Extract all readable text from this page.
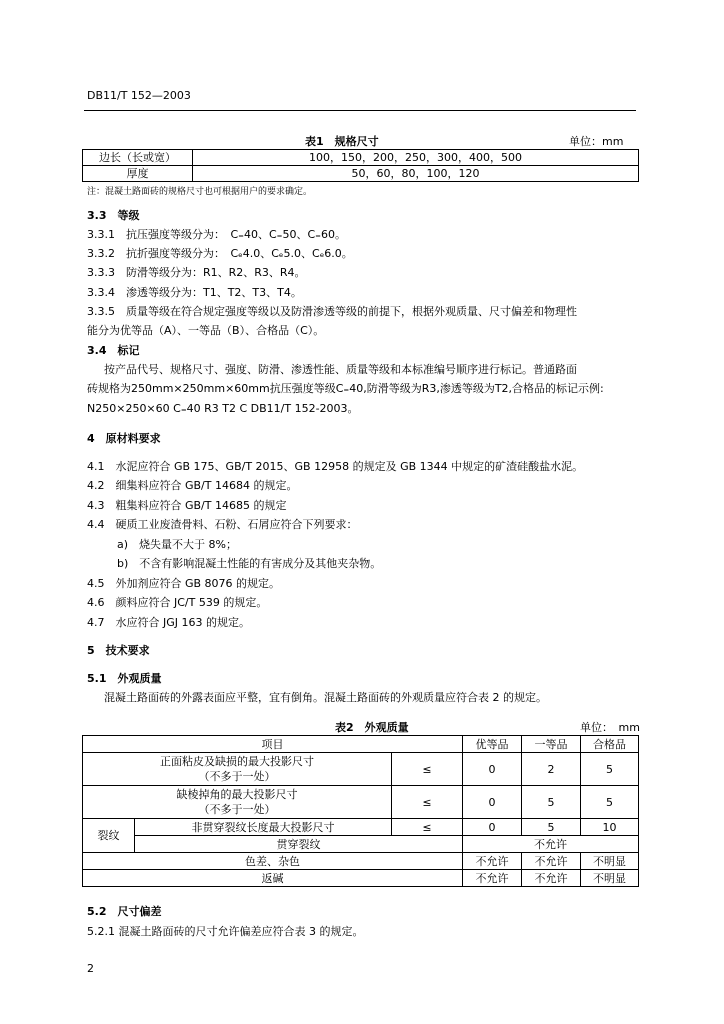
DB11/T 152—2003
表1　规格尺寸	单位：mm
边长（长或宽）	100，150，200，250，300，400，500
厚度	50，60，80，100，120
注：混凝土路面砖的规格尺寸也可根据用户的要求确定。
3.3　等级
3.3.1　抗压强度等级分为：　C₌40、C₌50、C₌60。
3.3.2　抗折强度等级分为：　Cₑ4.0、Cₑ5.0、Cₑ6.0。
3.3.3　防滑等级分为：R1、R2、R3、R4。
3.3.4　渗透等级分为：T1、T2、T3、T4。
3.3.5　质量等级在符合规定强度等级以及防滑渗透等级的前提下，根据外观质量、尺寸偏差和物理性
能分为优等品（A）、一等品（B）、合格品（C）。
3.4　标记
按产品代号、规格尺寸、强度、防滑、渗透性能、质量等级和本标准编号顺序进行标记。普通路面
砖规格为250mm×250mm×60mm抗压强度等级C₌40,防滑等级为R3,渗透等级为T2,合格品的标记示例:
N250×250×60 C₌40 R3 T2 C DB11/T 152-2003。
4　原材料要求
4.1　水泥应符合 GB 175、GB/T 2015、GB 12958 的规定及 GB 1344 中规定的矿渣硅酸盐水泥。
4.2　细集料应符合 GB/T 14684 的规定。
4.3　粗集料应符合 GB/T 14685 的规定
4.4　硬质工业废渣骨料、石粉、石屑应符合下列要求：
a)　烧失量不大于 8%；
b)　不含有影响混凝土性能的有害成分及其他夹杂物。
4.5　外加剂应符合 GB 8076 的规定。
4.6　颜料应符合 JC/T 539 的规定。
4.7　水应符合 JGJ 163 的规定。
5　技术要求
5.1　外观质量
混凝土路面砖的外露表面应平整，宜有倒角。混凝土路面砖的外观质量应符合表 2 的规定。
表2　外观质量	单位：　mm
项目			优等品	一等品	合格品

正面粘皮及缺损的最大投影尺寸
（不多于一处）		≤	0	2	5

缺棱掉角的最大投影尺寸
（不多于一处）		≤	0	5	5
裂纹	非贯穿裂纹长度最大投影尺寸	≤	0	5	10
	贯穿裂纹		不允许		
色差、杂色			不允许	不允许	不明显
返碱			不允许	不允许	不明显
5.2　尺寸偏差
5.2.1 混凝土路面砖的尺寸允许偏差应符合表 3 的规定。
2
